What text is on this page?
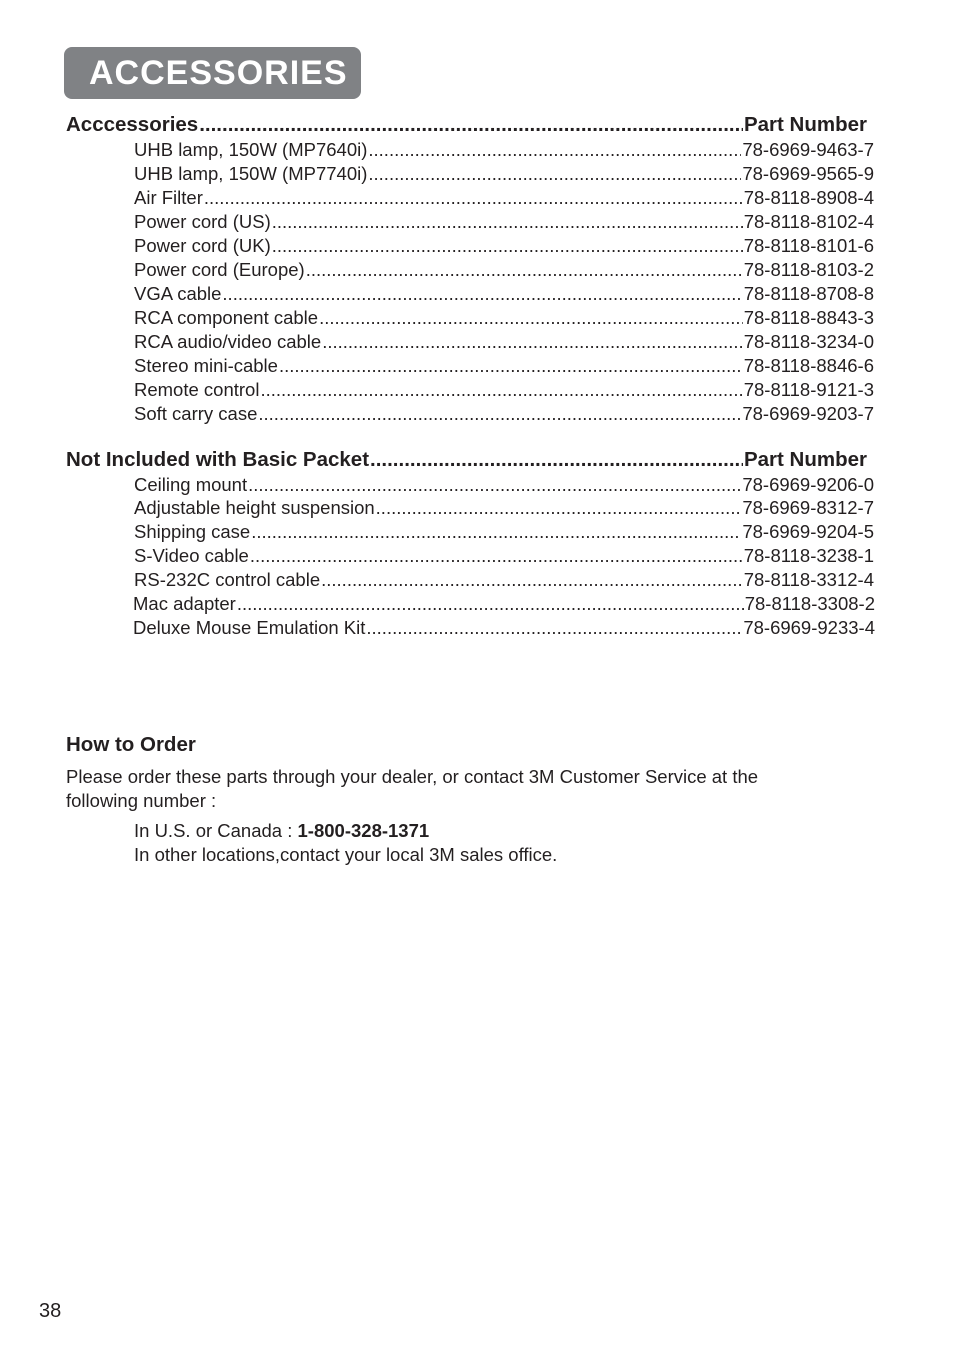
ACCESSORIES
Acccessories .....	Part Number
UHB lamp, 150W (MP7640i) .....	78-6969-9463-7
UHB lamp, 150W (MP7740i) .....	78-6969-9565-9
Air Filter .....	78-8118-8908-4
Power cord (US) .....	78-8118-8102-4
Power cord (UK) .....	78-8118-8101-6
Power cord (Europe) .....	78-8118-8103-2
VGA cable .....	78-8118-8708-8
RCA component cable .....	78-8118-8843-3
RCA audio/video cable .....	78-8118-3234-0
Stereo mini-cable .....	78-8118-8846-6
Remote control .....	78-8118-9121-3
Soft carry case .....	78-6969-9203-7
Not Included with Basic Packet .....	Part Number
Ceiling mount .....	78-6969-9206-0
Adjustable height suspension .....	78-6969-8312-7
Shipping case .....	78-6969-9204-5
S-Video cable .....	78-8118-3238-1
RS-232C control cable .....	78-8118-3312-4
Mac adapter .....	78-8118-3308-2
Deluxe Mouse Emulation Kit .....	78-6969-9233-4
How to Order
Please order these parts through your dealer, or contact 3M Customer Service at the
following number :
In U.S. or Canada : 1-800-328-1371
In other locations,contact your local 3M sales office.
38
